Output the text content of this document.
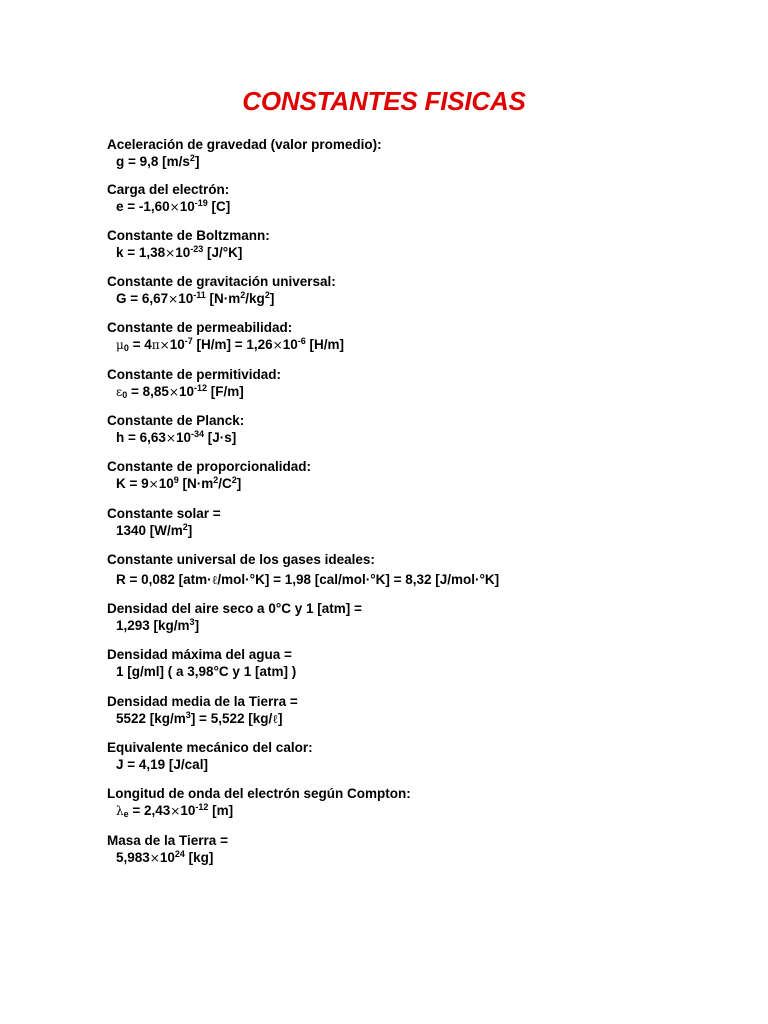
CONSTANTES FISICAS
Aceleración de gravedad (valor promedio):
g = 9,8 $[m/s^2]$
Carga del electrón:
$e = -1,60\times 10^{-19}$ [C]
Constante de Boltzmann:
$k = 1,38\times 10^{-23}$ [J/°K]
Constante de gravitación universal:
$G = 6,67\times 10^{-11}$ $[N\cdot m^2/kg^2]$
Constante de permeabilidad:
$\mu_0 = 4\pi\times 10^{-7}$ $[H/m] = 1,26\times 10^{-6}$ [H/m]
Constante de permitividad:
$\varepsilon_0 = 8,85\times 10^{-12}$ [F/m]
Constante de Planck:
$h = 6,63\times 10^{-34}$ [J·s]
Constante de proporcionalidad:
$K = 9\times 10^9$ $[N\cdot m^2/C^2]$
Constante solar =
1340 $[W/m^2]$
Constante universal de los gases ideales:
R = 0,082 [atm·ℓ/mol·°K] = 1,98 [cal/mol·°K] = 8,32 [J/mol·°K]
Densidad del aire seco a 0°C y 1 [atm] =
1,293 $[kg/m^3]$
Densidad máxima del agua =
1 [g/ml] ( a 3,98°C y 1 [atm] )
Densidad media de la Tierra =
5522 $[kg/m^3] = 5,522$ [kg/ℓ]
Equivalente mecánico del calor:
J = 4,19 [J/cal]
Longitud de onda del electrón según Compton:
$\lambda_e = 2,43\times 10^{-12}$ [m]
Masa de la Tierra =
$5,983\times 10^{24}$ [kg]
